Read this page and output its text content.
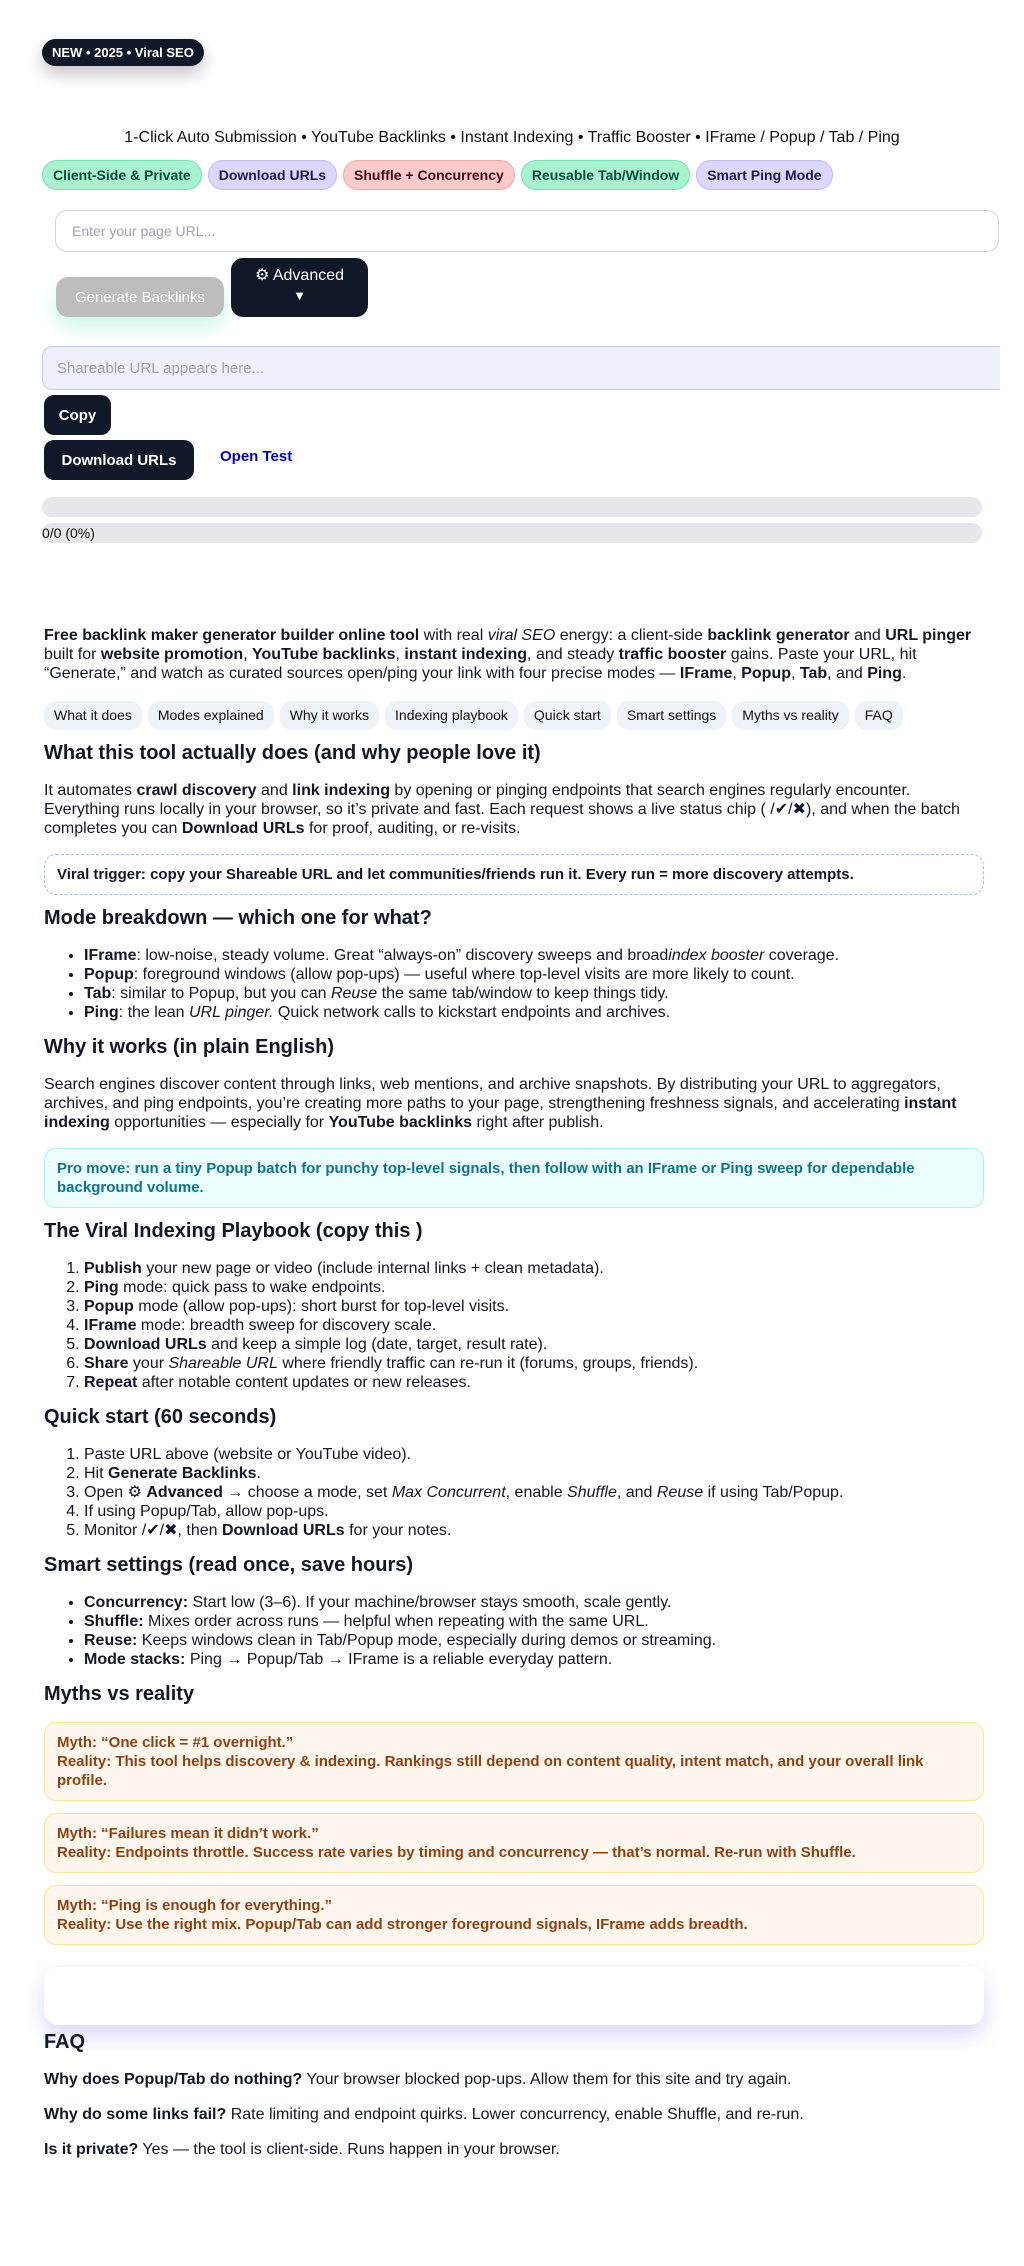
NEW • 2025 • Viral SEO
1-Click Auto Submission • YouTube Backlinks • Instant Indexing • Traffic Booster • IFrame / Popup / Tab / Ping
Client-Side & Private	Download URLs	Shuffle + Concurrency	Reusable Tab/Window	Smart Ping Mode
Enter your page URL...
Generate Backlinks
⚙ Advanced
▼
Shareable URL appears here...
Copy
Download URLs	Open Test
0/0 (0%)

Free backlink maker generator builder online tool with real viral SEO energy: a client-side backlink generator and URL pinger built for website promotion, YouTube backlinks, instant indexing, and steady traffic booster gains. Paste your URL, hit “Generate,” and watch as curated sources open/ping your link with four precise modes — IFrame, Popup, Tab, and Ping.

What it does	Modes explained	Why it works	Indexing playbook	Quick start	Smart settings	Myths vs reality	FAQ
What this tool actually does (and why people love it)

It automates crawl discovery and link indexing by opening or pinging endpoints that search engines regularly encounter. Everything runs locally in your browser, so it’s private and fast. Each request shows a live status chip ( /✔/✖), and when the batch completes you can Download URLs for proof, auditing, or re-visits.

Viral trigger: copy your Shareable URL and let communities/friends run it. Every run = more discovery attempts.
Mode breakdown — which one for what?
• IFrame: low-noise, steady volume. Great “always-on” discovery sweeps and broadindex booster coverage.
• Popup: foreground windows (allow pop-ups) — useful where top-level visits are more likely to count.
• Tab: similar to Popup, but you can Reuse the same tab/window to keep things tidy.
• Ping: the lean URL pinger. Quick network calls to kickstart endpoints and archives.
Why it works (in plain English)

Search engines discover content through links, web mentions, and archive snapshots. By distributing your URL to aggregators, archives, and ping endpoints, you’re creating more paths to your page, strengthening freshness signals, and accelerating instant indexing opportunities — especially for YouTube backlinks right after publish.

Pro move: run a tiny Popup batch for punchy top-level signals, then follow with an IFrame or Ping sweep for dependable background volume.
The Viral Indexing Playbook (copy this )
1. Publish your new page or video (include internal links + clean metadata).
2. Ping mode: quick pass to wake endpoints.
3. Popup mode (allow pop-ups): short burst for top-level visits.
4. IFrame mode: breadth sweep for discovery scale.
5. Download URLs and keep a simple log (date, target, result rate).
6. Share your Shareable URL where friendly traffic can re-run it (forums, groups, friends).
7. Repeat after notable content updates or new releases.
Quick start (60 seconds)
1. Paste URL above (website or YouTube video).
2. Hit Generate Backlinks.
3. Open ⚙ Advanced → choose a mode, set Max Concurrent, enable Shuffle, and Reuse if using Tab/Popup.
4. If using Popup/Tab, allow pop-ups.
5. Monitor /✔/✖, then Download URLs for your notes.
Smart settings (read once, save hours)
• Concurrency: Start low (3–6). If your machine/browser stays smooth, scale gently.
• Shuffle: Mixes order across runs — helpful when repeating with the same URL.
• Reuse: Keeps windows clean in Tab/Popup mode, especially during demos or streaming.
• Mode stacks: Ping → Popup/Tab → IFrame is a reliable everyday pattern.
Myths vs reality
Myth: “One click = #1 overnight.”
Reality: This tool helps discovery & indexing. Rankings still depend on content quality, intent match, and your overall link profile.
Myth: “Failures mean it didn’t work.”
Reality: Endpoints throttle. Success rate varies by timing and concurrency — that’s normal. Re-run with Shuffle.
Myth: “Ping is enough for everything.”
Reality: Use the right mix. Popup/Tab can add stronger foreground signals, IFrame adds breadth.
FAQ

Why does Popup/Tab do nothing? Your browser blocked pop-ups. Allow them for this site and try again.

Why do some links fail? Rate limiting and endpoint quirks. Lower concurrency, enable Shuffle, and re-run.

Is it private? Yes — the tool is client-side. Runs happen in your browser.
